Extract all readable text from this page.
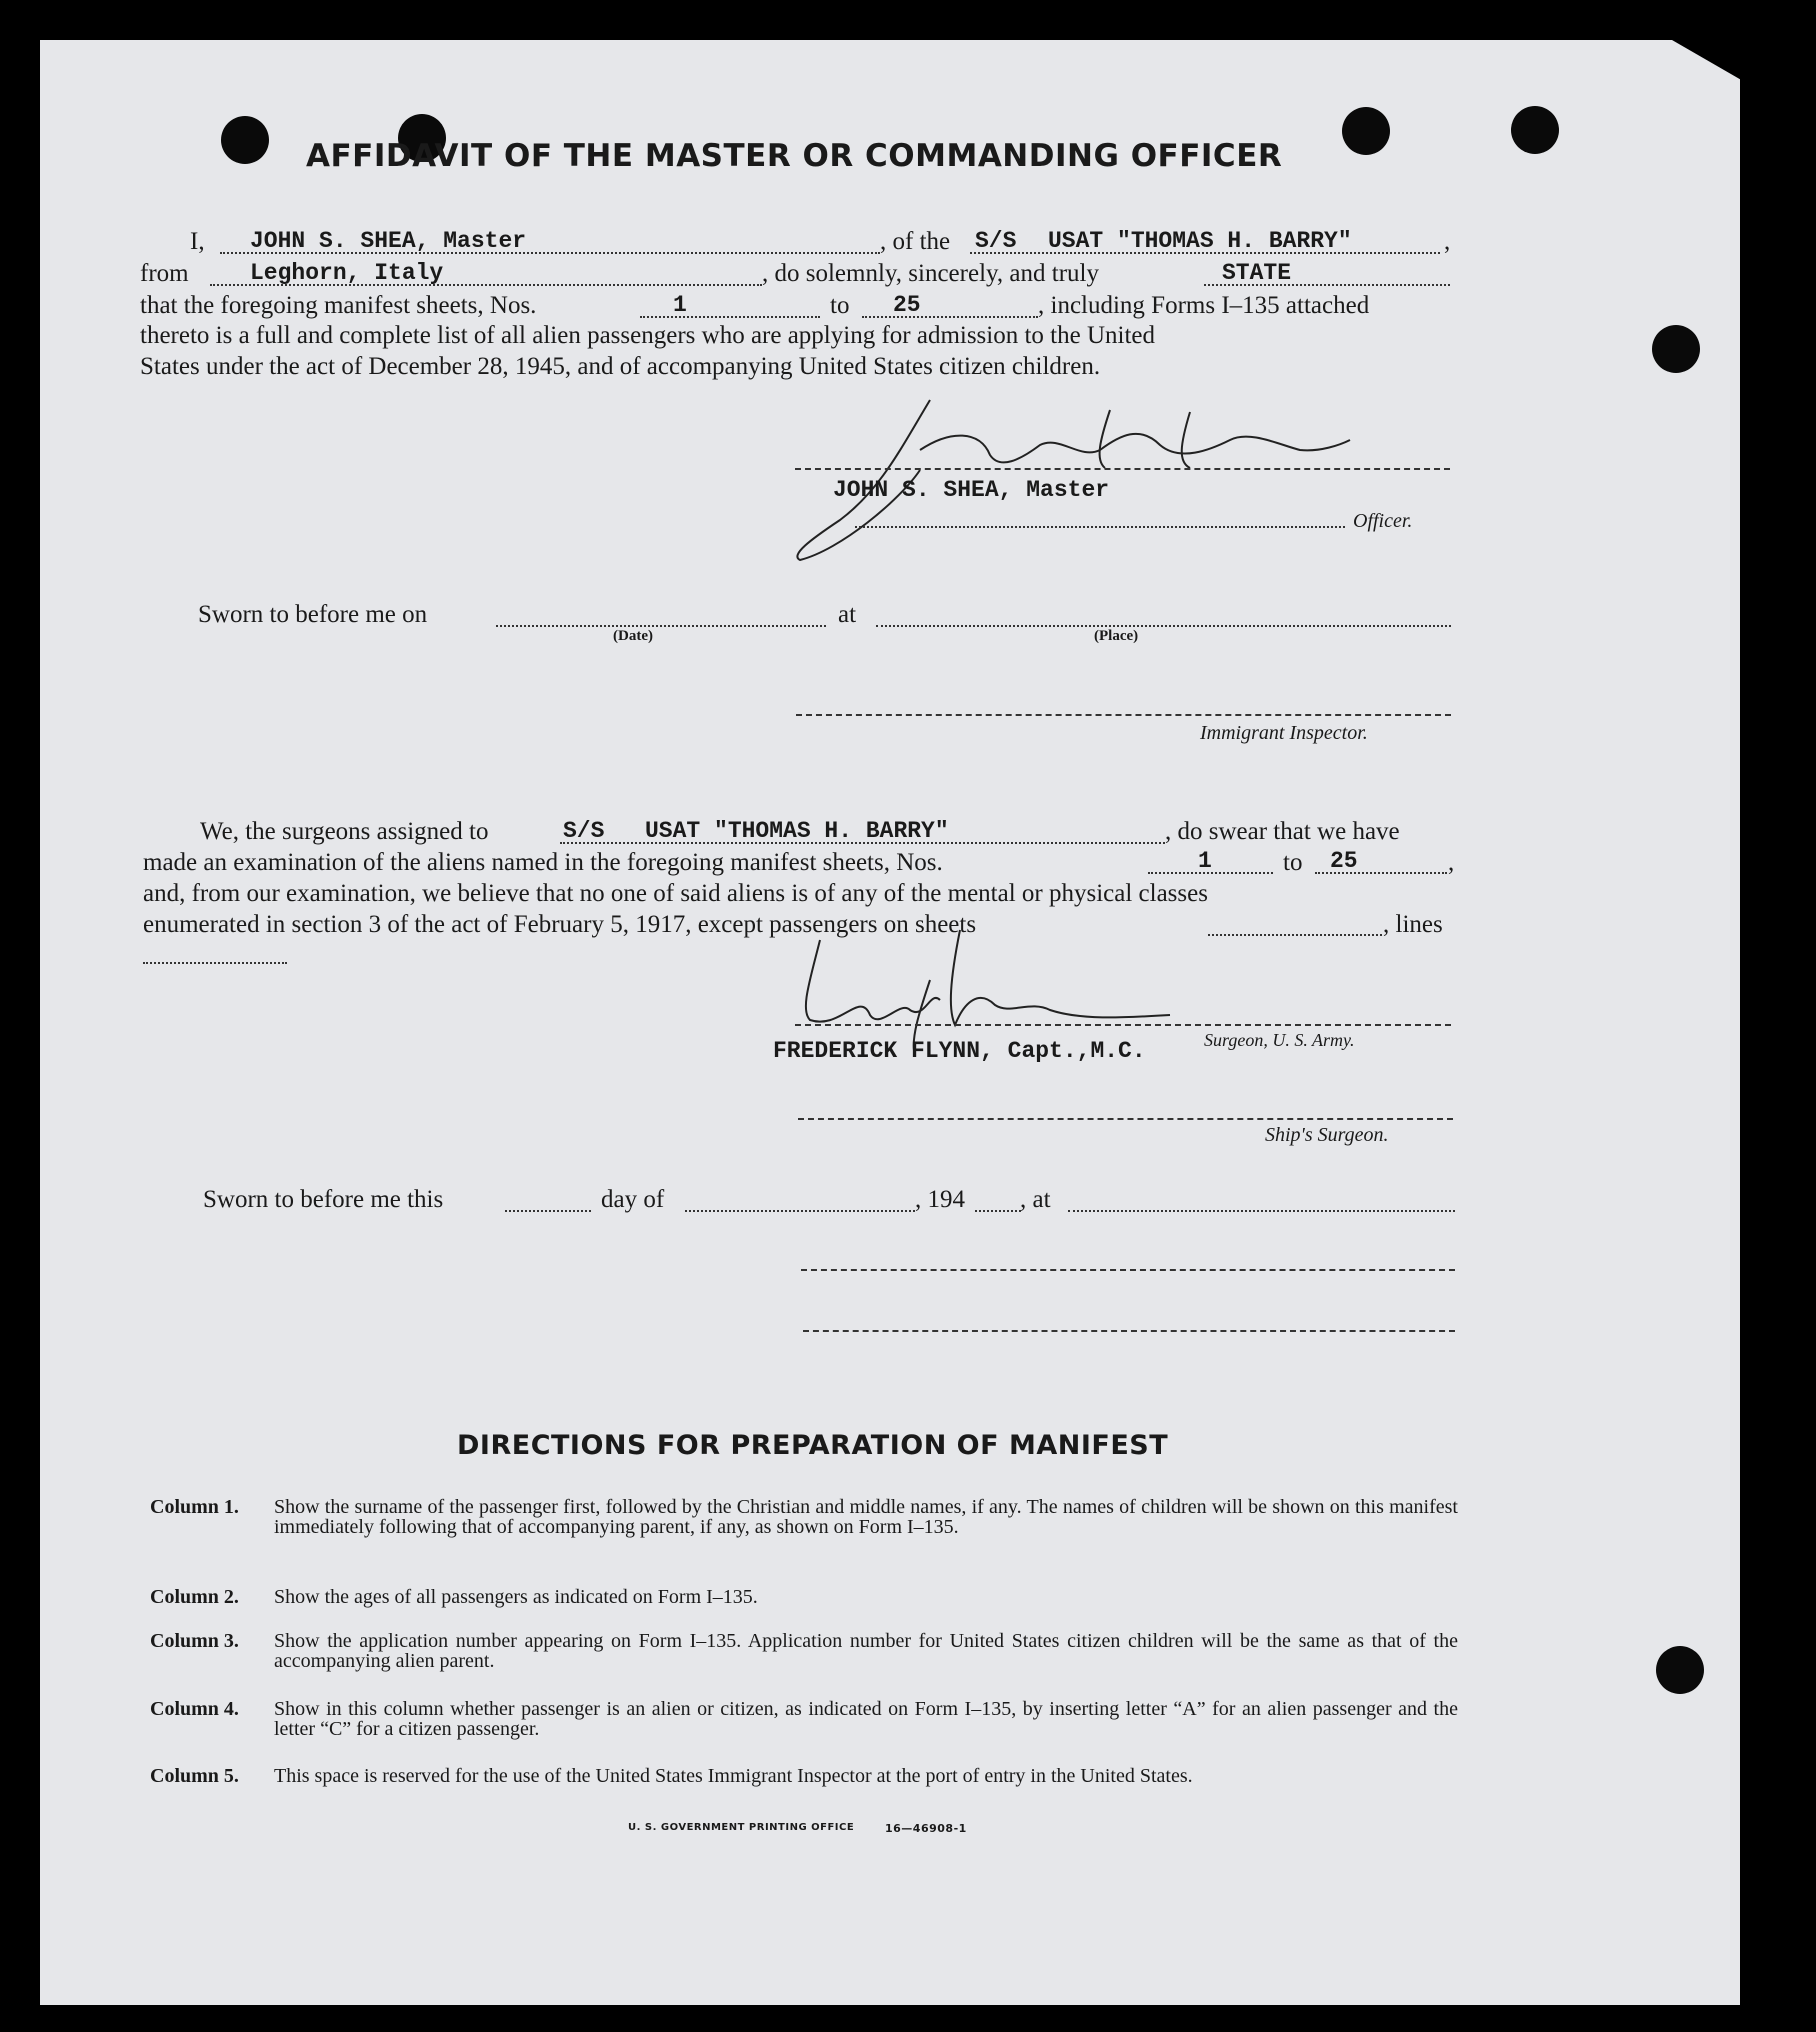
AFFIDAVIT OF THE MASTER OR COMMANDING OFFICER
I, JOHN S. SHEA, Master	, of the S/S USAT "THOMAS H. BARRY"	,
from	Leghorn, Italy	, do solemnly, sincerely, and truly	STATE
that the foregoing manifest sheets, Nos.	1	to 25	, including Forms I–135 attached
thereto is a full and complete list of all alien passengers who are applying for admission to the United
States under the act of December 28, 1945, and of accompanying United States citizen children.
JOHN S. SHEA, Master
Officer.
Sworn to before me on
(Date)
at
(Place)
Immigrant Inspector.
We, the surgeons assigned to	S/S USAT "THOMAS H. BARRY"	, do swear that we have
made an examination of the aliens named in the foregoing manifest sheets, Nos.	1	to 25	,
and, from our examination, we believe that no one of said aliens is of any of the mental or physical classes
enumerated in section 3 of the act of February 5, 1917, except passengers on sheets	, lines
FREDERICK FLYNN, Capt.,M.C.	Surgeon, U. S. Army.
Ship's Surgeon.
Sworn to before me this	day of	, 194 , at
DIRECTIONS FOR PREPARATION OF MANIFEST
Column 1. Show the surname of the passenger first, followed by the Christian and middle names, if any. The names of children will be shown on this manifest immediately following that of accompanying parent, if any, as shown on Form I–135.
Column 2. Show the ages of all passengers as indicated on Form I–135.
Column 3. Show the application number appearing on Form I–135. Application number for United States citizen children will be the same as that of the accompanying alien parent.
Column 4. Show in this column whether passenger is an alien or citizen, as indicated on Form I–135, by inserting letter “A” for an alien passenger and the letter “C” for a citizen passenger.
Column 5. This space is reserved for the use of the United States Immigrant Inspector at the port of entry in the United States.
U. S. GOVERNMENT PRINTING OFFICE	16—46908-1
